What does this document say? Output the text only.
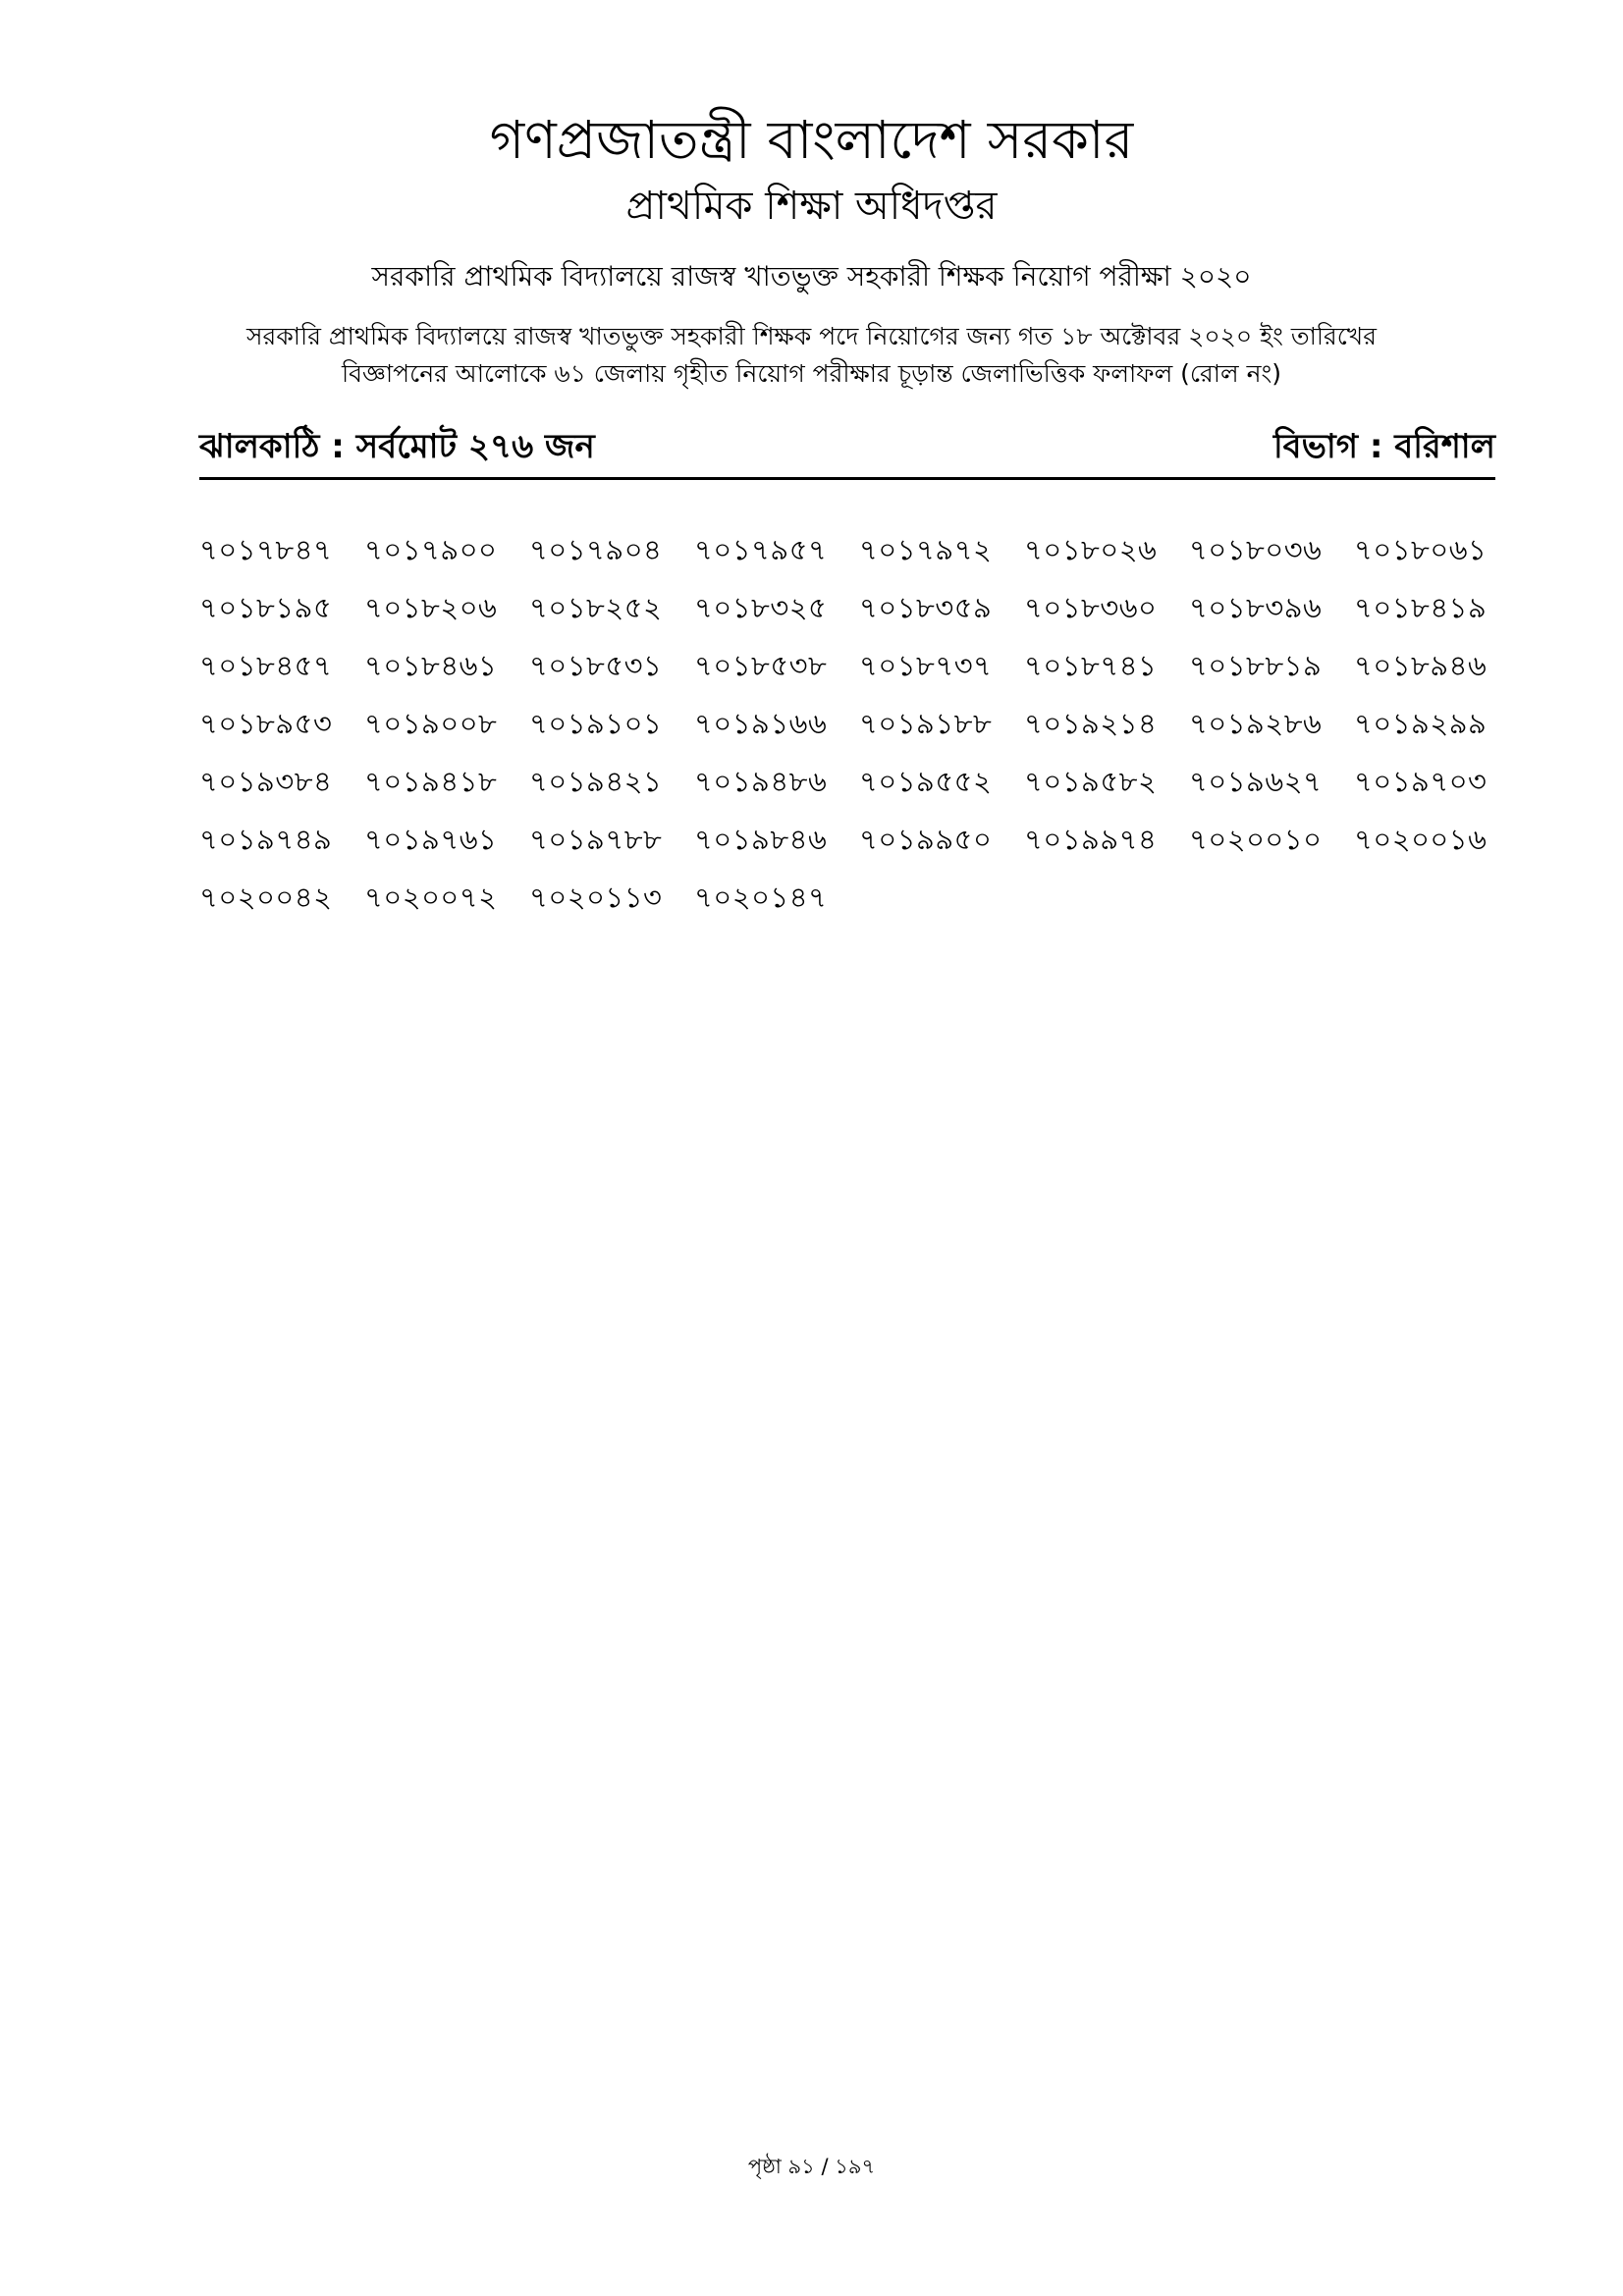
গণপ্রজাতন্ত্রী বাংলাদেশ সরকার
প্রাথমিক শিক্ষা অধিদপ্তর
সরকারি প্রাথমিক বিদ্যালয়ে রাজস্ব খাতভুক্ত সহকারী শিক্ষক নিয়োগ পরীক্ষা ২০২০
সরকারি প্রাথমিক বিদ্যালয়ে রাজস্ব খাতভুক্ত সহকারী শিক্ষক পদে নিয়োগের জন্য গত ১৮ অক্টোবর ২০২০ ইং তারিখের
বিজ্ঞাপনের আলোকে ৬১ জেলায় গৃহীত নিয়োগ পরীক্ষার চূড়ান্ত জেলাভিত্তিক ফলাফল (রোল নং)
ঝালকাঠি : সর্বমোট ২৭৬ জন	বিভাগ : বরিশাল
৭০১৭৮৪৭	৭০১৭৯০০	৭০১৭৯০৪	৭০১৭৯৫৭	৭০১৭৯৭২	৭০১৮০২৬	৭০১৮০৩৬	৭০১৮০৬১
৭০১৮১৯৫	৭০১৮২০৬	৭০১৮২৫২	৭০১৮৩২৫	৭০১৮৩৫৯	৭০১৮৩৬০	৭০১৮৩৯৬	৭০১৮৪১৯
৭০১৮৪৫৭	৭০১৮৪৬১	৭০১৮৫৩১	৭০১৮৫৩৮	৭০১৮৭৩৭	৭০১৮৭৪১	৭০১৮৮১৯	৭০১৮৯৪৬
৭০১৮৯৫৩	৭০১৯০০৮	৭০১৯১০১	৭০১৯১৬৬	৭০১৯১৮৮	৭০১৯২১৪	৭০১৯২৮৬	৭০১৯২৯৯
৭০১৯৩৮৪	৭০১৯৪১৮	৭০১৯৪২১	৭০১৯৪৮৬	৭০১৯৫৫২	৭০১৯৫৮২	৭০১৯৬২৭	৭০১৯৭০৩
৭০১৯৭৪৯	৭০১৯৭৬১	৭০১৯৭৮৮	৭০১৯৮৪৬	৭০১৯৯৫০	৭০১৯৯৭৪	৭০২০০১০	৭০২০০১৬
৭০২০০৪২	৭০২০০৭২	৭০২০১১৩	৭০২০১৪৭
পৃষ্ঠা ৯১ / ১৯৭
